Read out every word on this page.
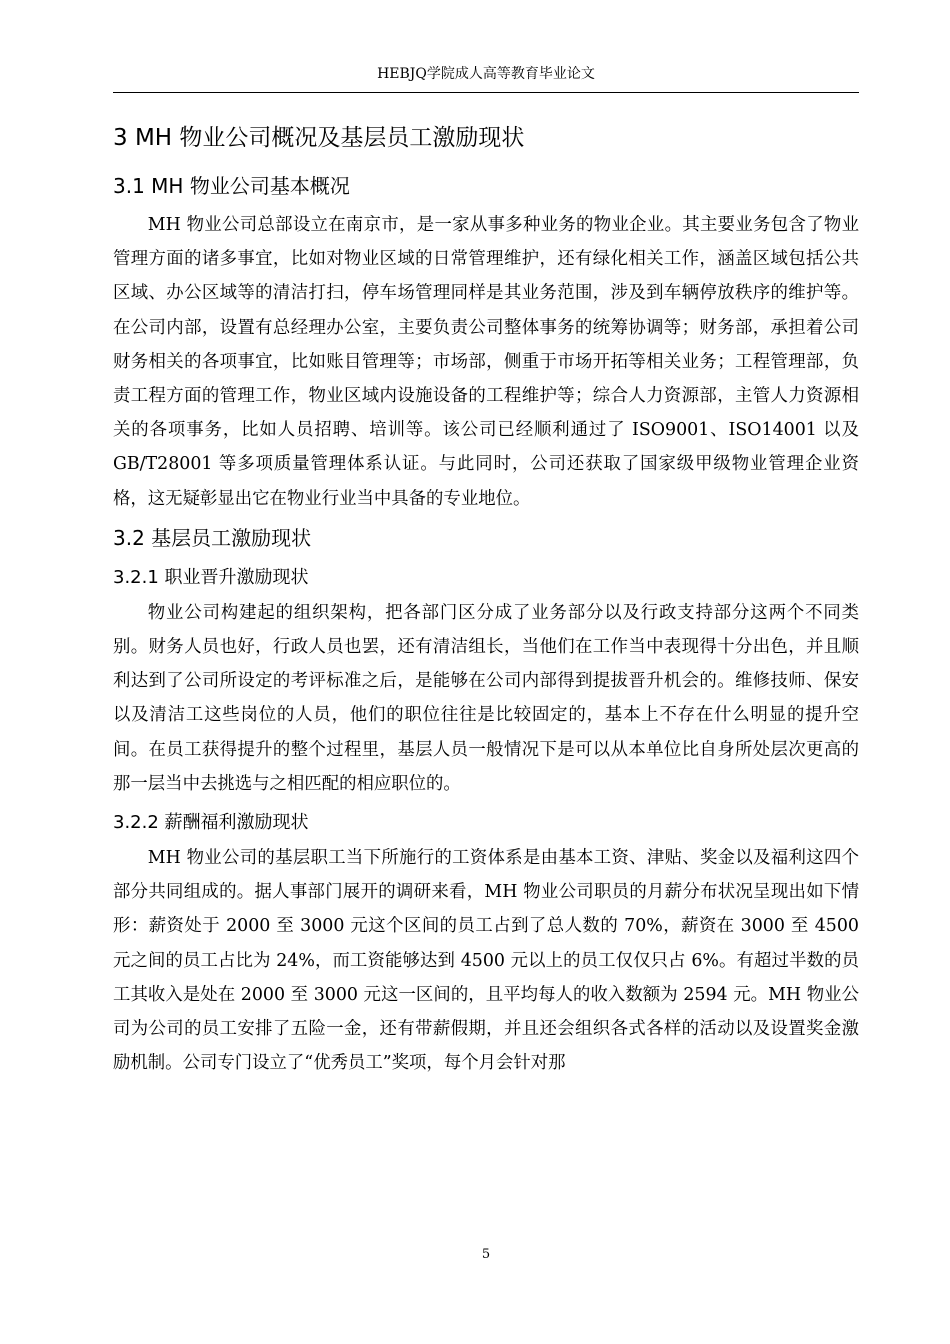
HEBJQ学院成人高等教育毕业论文
3 MH 物业公司概况及基层员工激励现状
3.1 MH 物业公司基本概况

MH 物业公司总部设立在南京市，是一家从事多种业务的物业企业。其主要业务包含了物业管理方面的诸多事宜，比如对物业区域的日常管理维护，还有绿化相关工作，涵盖区域包括公共区域、办公区域等的清洁打扫，停车场管理同样是其业务范围，涉及到车辆停放秩序的维护等。在公司内部，设置有总经理办公室，主要负责公司整体事务的统筹协调等；财务部，承担着公司财务相关的各项事宜，比如账目管理等；市场部，侧重于市场开拓等相关业务；工程管理部，负责工程方面的管理工作，物业区域内设施设备的工程维护等；综合人力资源部，主管人力资源相关的各项事务，比如人员招聘、培训等。该公司已经顺利通过了 ISO9001、ISO14001 以及 GB/T28001 等多项质量管理体系认证。与此同时，公司还获取了国家级甲级物业管理企业资格，这无疑彰显出它在物业行业当中具备的专业地位。

3.2 基层员工激励现状
3.2.1 职业晋升激励现状

物业公司构建起的组织架构，把各部门区分成了业务部分以及行政支持部分这两个不同类别。财务人员也好，行政人员也罢，还有清洁组长，当他们在工作当中表现得十分出色，并且顺利达到了公司所设定的考评标准之后，是能够在公司内部得到提拔晋升机会的。维修技师、保安以及清洁工这些岗位的人员，他们的职位往往是比较固定的，基本上不存在什么明显的提升空间。在员工获得提升的整个过程里，基层人员一般情况下是可以从本单位比自身所处层次更高的那一层当中去挑选与之相匹配的相应职位的。

3.2.2 薪酬福利激励现状

MH 物业公司的基层职工当下所施行的工资体系是由基本工资、津贴、奖金以及福利这四个部分共同组成的。据人事部门展开的调研来看，MH 物业公司职员的月薪分布状况呈现出如下情形：薪资处于 2000 至 3000 元这个区间的员工占到了总人数的 70%，薪资在 3000 至 4500 元之间的员工占比为 24%，而工资能够达到 4500 元以上的员工仅仅只占 6%。有超过半数的员工其收入是处在 2000 至 3000 元这一区间的，且平均每人的收入数额为 2594 元。MH 物业公司为公司的员工安排了五险一金，还有带薪假期，并且还会组织各式各样的活动以及设置奖金激励机制。公司专门设立了“优秀员工”奖项，每个月会针对那

5
